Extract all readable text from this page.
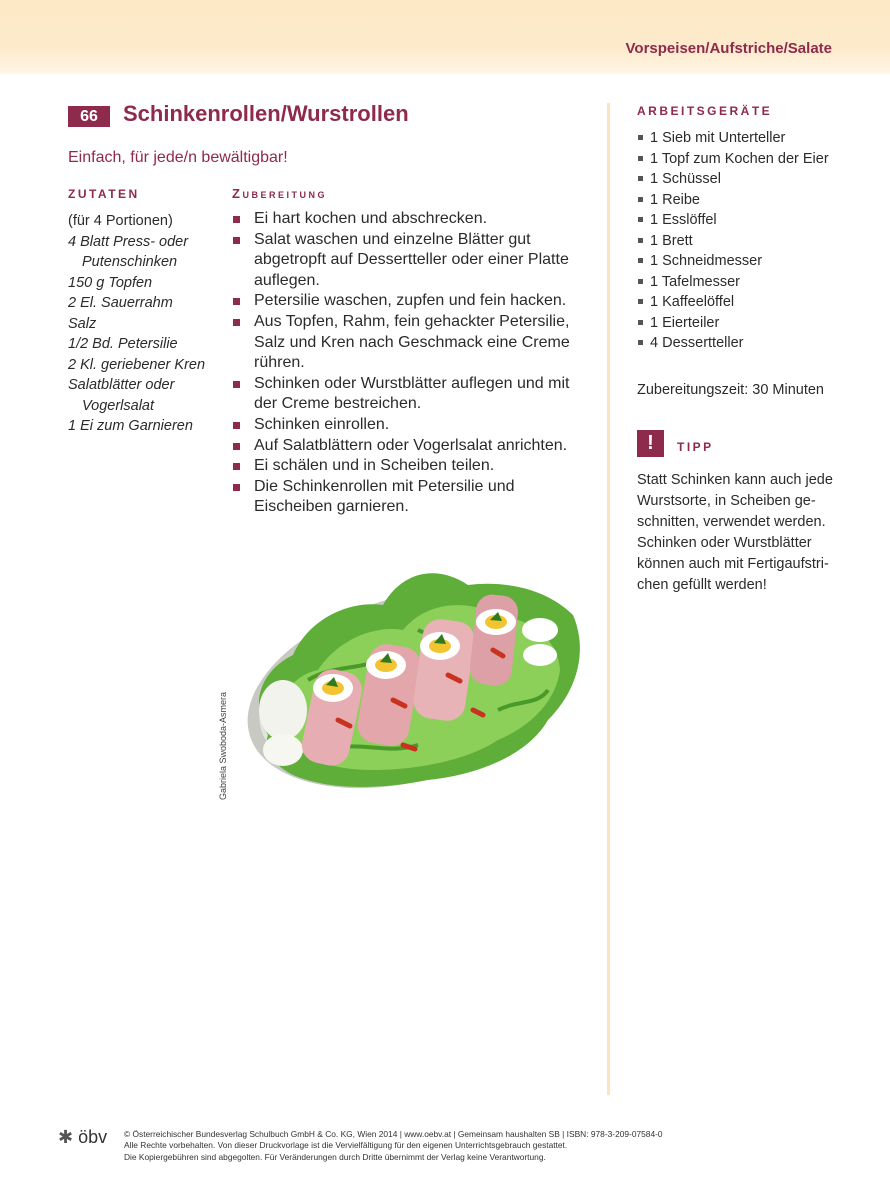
Vorspeisen/Aufstriche/Salate
66	Schinkenrollen/Wurstrollen
Einfach, für jede/n bewältigbar!
ZUTATEN
(für 4 Portionen)
4 Blatt Press- oder Putenschinken
150 g Topfen
2 El. Sauerrahm
Salz
1/2 Bd. Petersilie
2 Kl. geriebener Kren
Salatblätter oder Vogerlsalat
1 Ei zum Garnieren
Zubereitung
Ei hart kochen und abschrecken.
Salat waschen und einzelne Blätter gut abgetropft auf Dessertteller oder einer Platte auflegen.
Petersilie waschen, zupfen und fein hacken.
Aus Topfen, Rahm, fein gehackter Petersilie, Salz und Kren nach Geschmack eine Creme rühren.
Schinken oder Wurstblätter auflegen und mit der Creme bestreichen.
Schinken einrollen.
Auf Salatblättern oder Vogerlsalat anrichten.
Ei schälen und in Scheiben teilen.
Die Schinkenrollen mit Petersilie und Eischeiben garnieren.
Gabriela Swoboda-Asmera
ARBEITSGERÄTE
1 Sieb mit Unterteller
1 Topf zum Kochen der Eier
1 Schüssel
1 Reibe
1 Esslöffel
1 Brett
1 Schneidmesser
1 Tafelmesser
1 Kaffeelöffel
1 Eierteiler
4 Dessertteller
Zubereitungszeit: 30 Minuten
!	TIPP

Statt Schinken kann auch jede Wurstsorte, in Scheiben ge-schnitten, verwendet werden. Schinken oder Wurstblätter können auch mit Fertigaufstri-chen gefüllt werden!

✱ öbv © Österreichischer Bundesverlag Schulbuch GmbH & Co. KG, Wien 2014 | www.oebv.at | Gemeinsam haushalten SB | ISBN: 978-3-209-07584-0
Alle Rechte vorbehalten. Von dieser Druckvorlage ist die Vervielfältigung für den eigenen Unterrichtsgebrauch gestattet.
Die Kopiergebühren sind abgegolten. Für Veränderungen durch Dritte übernimmt der Verlag keine Verantwortung.
